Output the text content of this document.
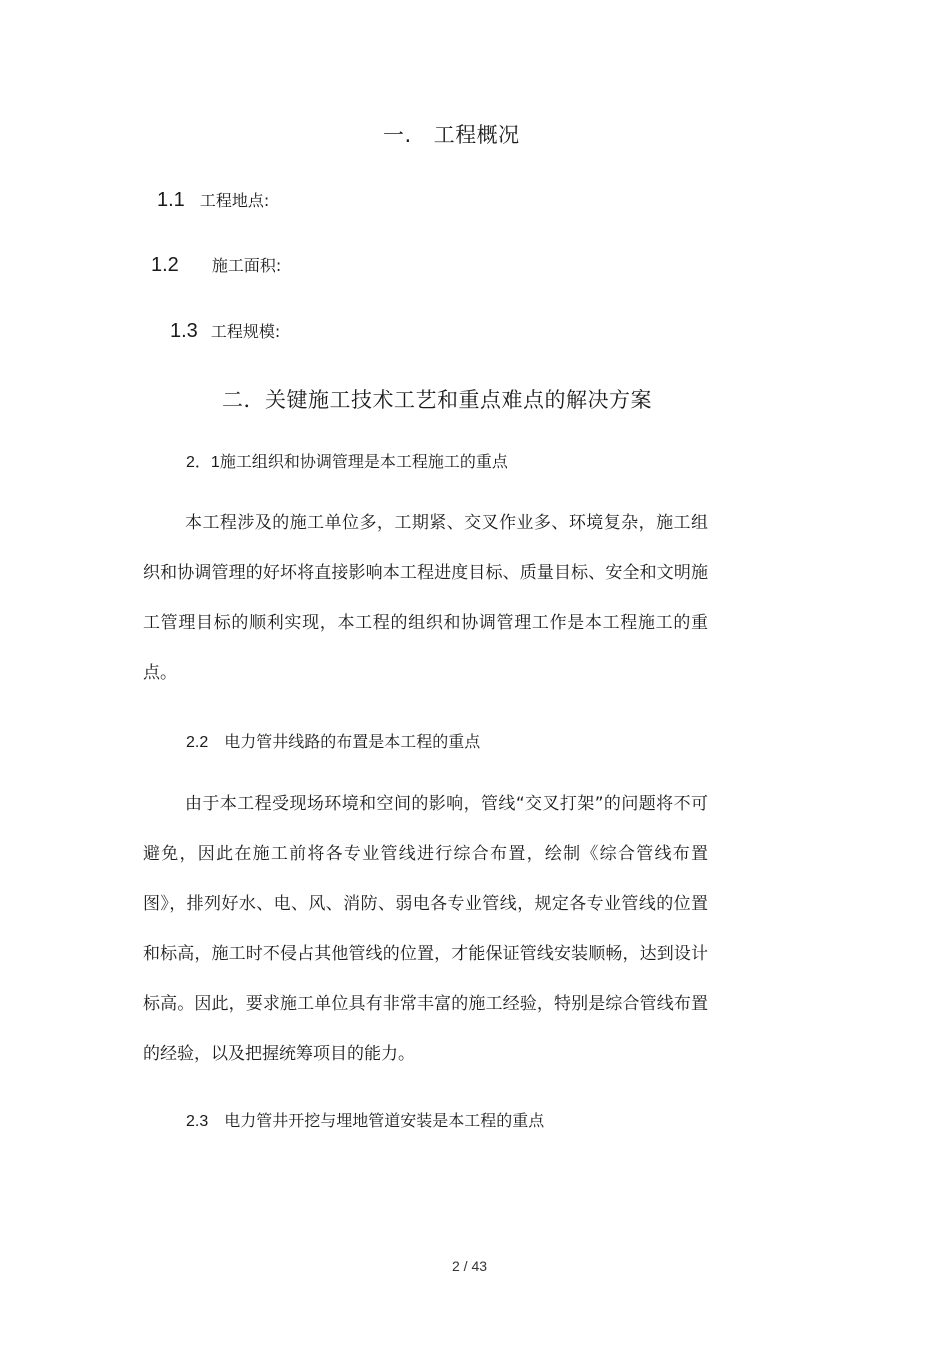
一. 工程概况
1.1 工程地点:
1.2 施工面积:
1.3 工程规模:
二．关键施工技术工艺和重点难点的解决方案
2．1施工组织和协调管理是本工程施工的重点
本工程涉及的施工单位多，工期紧、交叉作业多、环境复杂，施工组织和协调管理的好坏将直接影响本工程进度目标、质量目标、安全和文明施工管理目标的顺利实现，本工程的组织和协调管理工作是本工程施工的重点。
2.2 电力管井线路的布置是本工程的重点
由于本工程受现场环境和空间的影响，管线“交叉打架”的问题将不可避免，因此在施工前将各专业管线进行综合布置，绘制《综合管线布置图》，排列好水、电、风、消防、弱电各专业管线，规定各专业管线的位置和标高，施工时不侵占其他管线的位置，才能保证管线安装顺畅，达到设计标高。因此，要求施工单位具有非常丰富的施工经验，特别是综合管线布置的经验，以及把握统筹项目的能力。
2.3 电力管井开挖与埋地管道安装是本工程的重点
2 / 43
